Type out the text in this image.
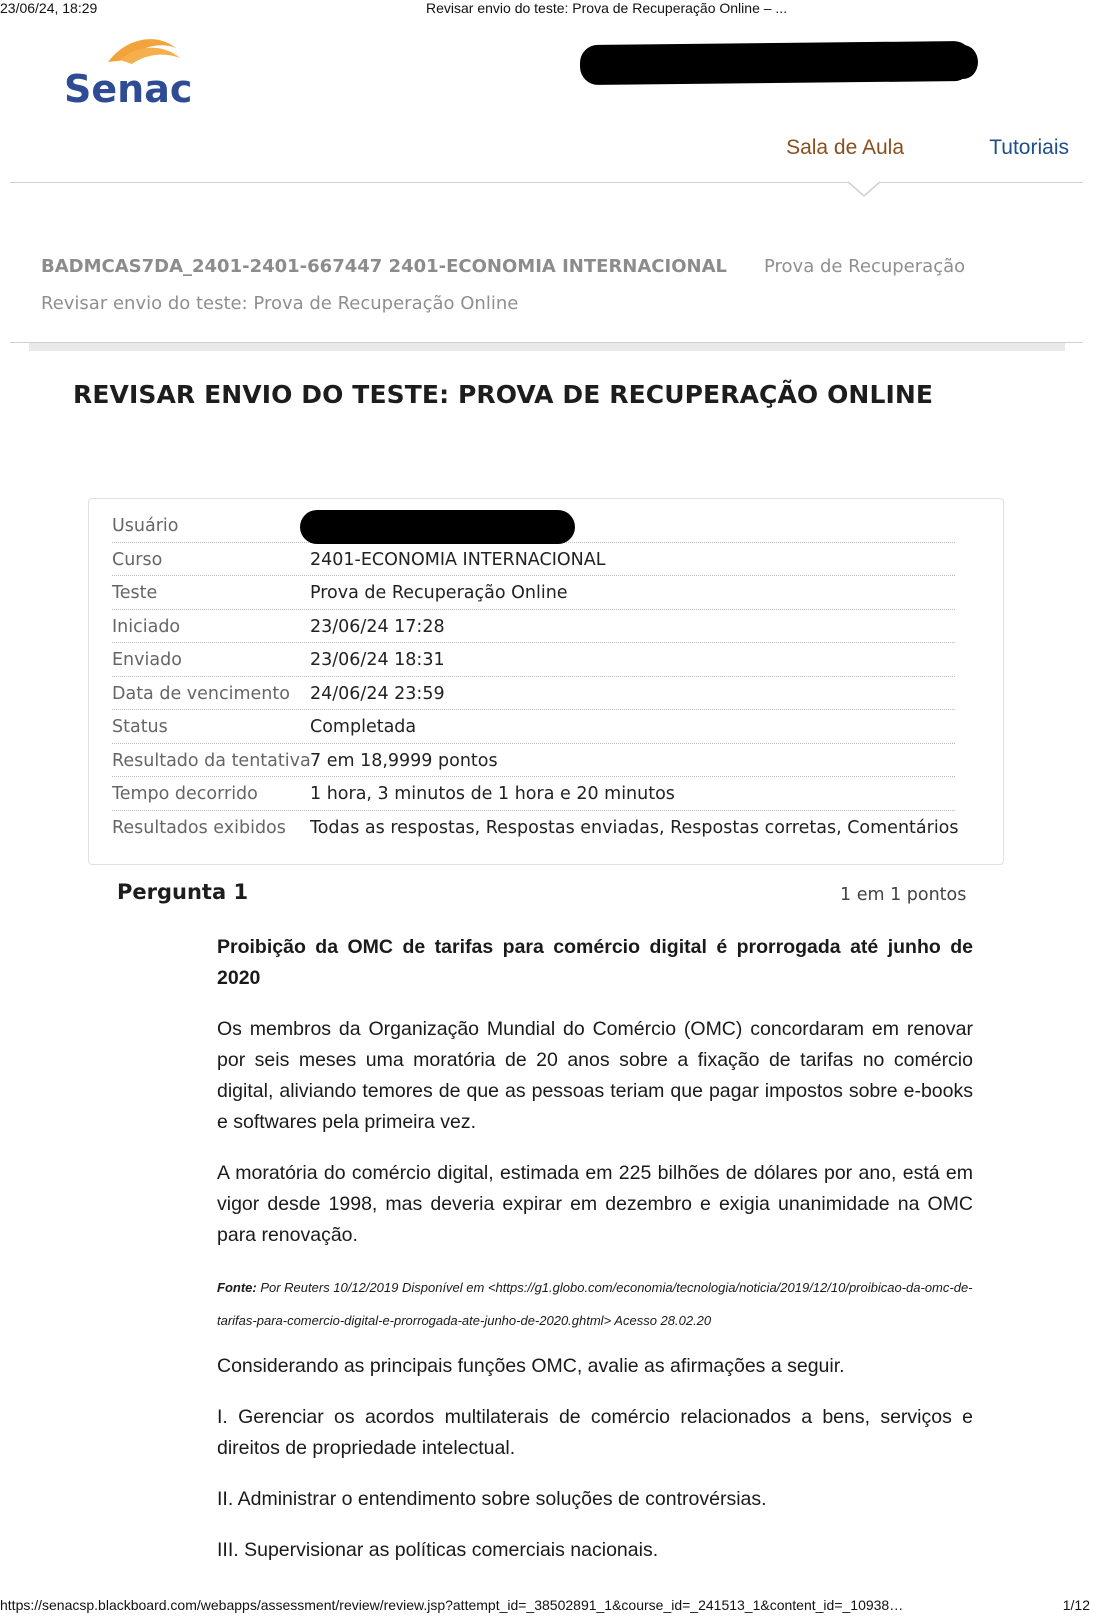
23/06/24, 18:29	Revisar envio do teste: Prova de Recuperação Online – ...
Senac
Sala de Aula	Tutoriais
BADMCAS7DA_2401-2401-667447 2401-ECONOMIA INTERNACIONAL Prova de Recuperação
Revisar envio do teste: Prova de Recuperação Online
REVISAR ENVIO DO TESTE: PROVA DE RECUPERAÇÃO ONLINE
Usuário
Curso	2401-ECONOMIA INTERNACIONAL
Teste	Prova de Recuperação Online
Iniciado	23/06/24 17:28
Enviado	23/06/24 18:31
Data de vencimento 24/06/24 23:59
Status	Completada
Resultado da tentativa 7 em 18,9999 pontos
Tempo decorrido	1 hora, 3 minutos de 1 hora e 20 minutos
Resultados exibidos Todas as respostas, Respostas enviadas, Respostas corretas, Comentários
Pergunta 1	1 em 1 pontos

Proibição da OMC de tarifas para comércio digital é prorrogada até junho de 2020

Os membros da Organização Mundial do Comércio (OMC) concordaram em renovar por seis meses uma moratória de 20 anos sobre a fixação de tarifas no comércio digital, aliviando temores de que as pessoas teriam que pagar impostos sobre e-books e softwares pela primeira vez.

A moratória do comércio digital, estimada em 225 bilhões de dólares por ano, está em vigor desde 1998, mas deveria expirar em dezembro e exigia unanimidade na OMC para renovação.

Fonte: Por Reuters 10/12/2019 Disponível em <https://g1.globo.com/economia/tecnologia/noticia/2019/12/10/proibicao-da-omc-de-tarifas-para-comercio-digital-e-prorrogada-ate-junho-de-2020.ghtml> Acesso 28.02.20

Considerando as principais funções OMC, avalie as afirmações a seguir.

I. Gerenciar os acordos multilaterais de comércio relacionados a bens, serviços e direitos de propriedade intelectual.

II. Administrar o entendimento sobre soluções de controvérsias.

III. Supervisionar as políticas comerciais nacionais.

https://senacsp.blackboard.com/webapps/assessment/review/review.jsp?attempt_id=_38502891_1&course_id=_241513_1&content_id=_10938…	1/12
